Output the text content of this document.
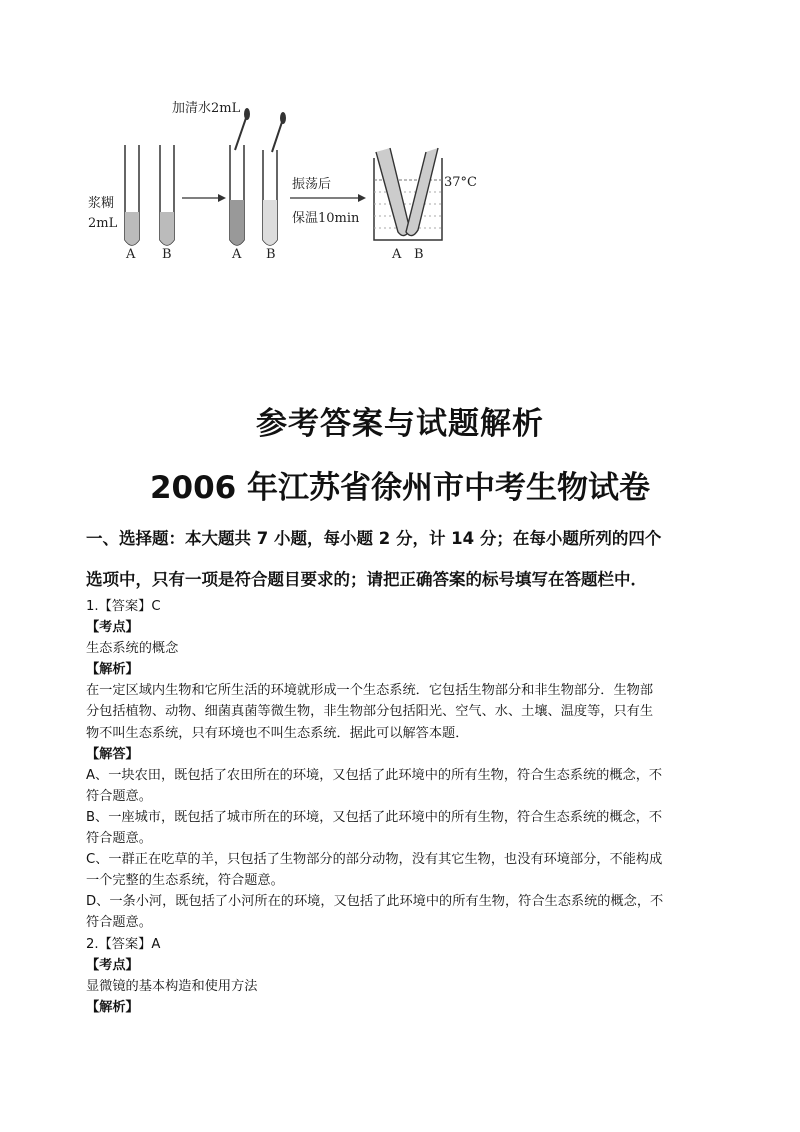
浆糊
2mL
A B
加清水2mL
A B
振荡后
保温10min
37°C
A B
参考答案与试题解析
2006 年江苏省徐州市中考生物试卷
一、选择题：本大题共 7 小题，每小题 2 分，计 14 分；在每小题所列的四个
选项中，只有一项是符合题目要求的；请把正确答案的标号填写在答题栏中．

1.【答案】C

【考点】

生态系统的概念

【解析】

在一定区域内生物和它所生活的环境就形成一个生态系统．它包括生物部分和非生物部分．生物部

分包括植物、动物、细菌真菌等微生物，非生物部分包括阳光、空气、水、土壤、温度等，只有生

物不叫生态系统，只有环境也不叫生态系统．据此可以解答本题．

【解答】

A、一块农田，既包括了农田所在的环境，又包括了此环境中的所有生物，符合生态系统的概念，不

符合题意。

B、一座城市，既包括了城市所在的环境，又包括了此环境中的所有生物，符合生态系统的概念，不

符合题意。

C、一群正在吃草的羊，只包括了生物部分的部分动物，没有其它生物，也没有环境部分，不能构成

一个完整的生态系统，符合题意。

D、一条小河，既包括了小河所在的环境，又包括了此环境中的所有生物，符合生态系统的概念，不

符合题意。

2.【答案】A

【考点】

显微镜的基本构造和使用方法

【解析】
